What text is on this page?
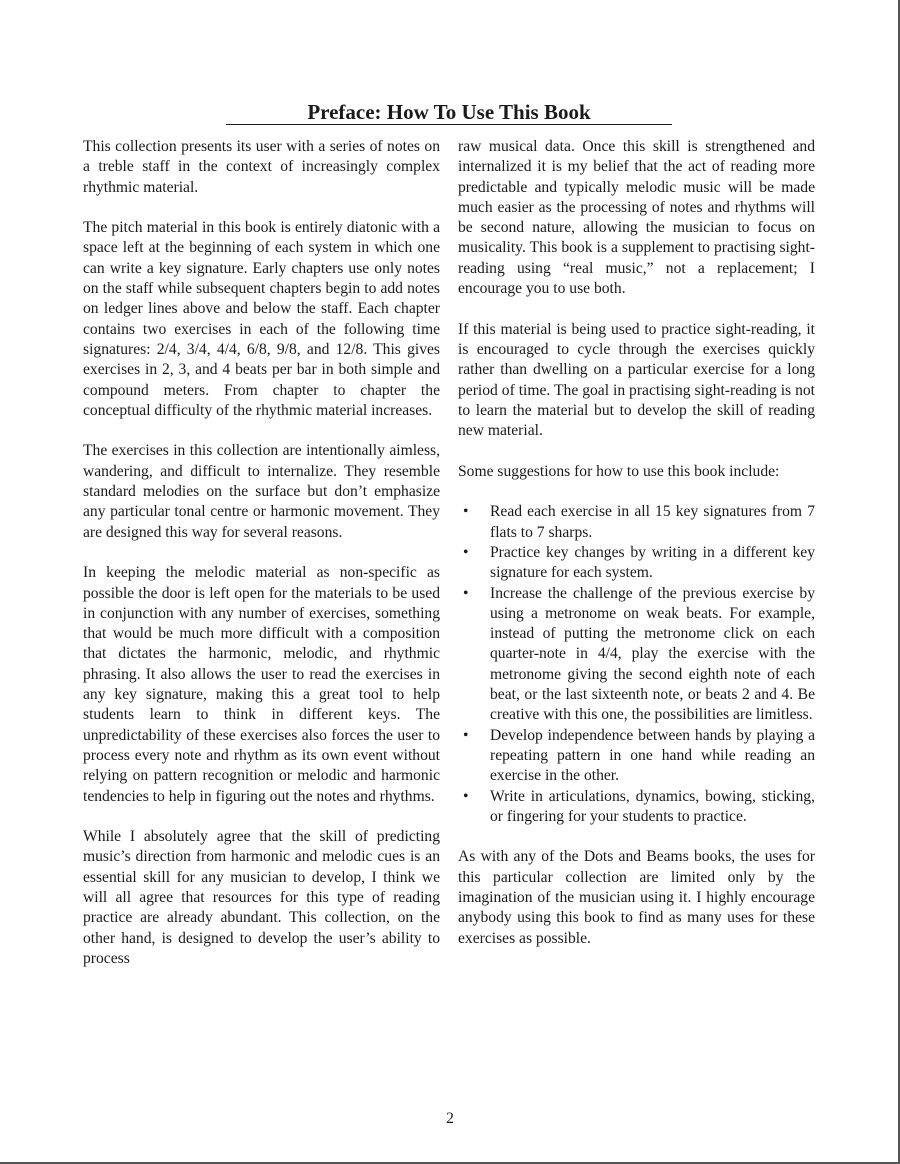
Preface: How To Use This Book

This collection presents its user with a series of notes on a treble staff in the context of increasingly complex rhythmic material.

The pitch material in this book is entirely diatonic with a space left at the beginning of each system in which one can write a key signature. Early chapters use only notes on the staff while subsequent chapters begin to add notes on ledger lines above and below the staff. Each chapter contains two exercises in each of the following time signatures: 2/4, 3/4, 4/4, 6/8, 9/8, and 12/8. This gives exercises in 2, 3, and 4 beats per bar in both simple and compound meters. From chapter to chapter the conceptual difficulty of the rhythmic material increases.

The exercises in this collection are intentionally aimless, wandering, and difficult to internalize. They resemble standard melodies on the surface but don’t emphasize any particular tonal centre or harmonic movement. They are designed this way for several reasons.

In keeping the melodic material as non-specific as possible the door is left open for the materials to be used in conjunction with any number of exercises, something that would be much more difficult with a composition that dictates the harmonic, melodic, and rhythmic phrasing. It also allows the user to read the exercises in any key signature, making this a great tool to help students learn to think in different keys. The unpredictability of these exercises also forces the user to process every note and rhythm as its own event without relying on pattern recognition or melodic and harmonic tendencies to help in figuring out the notes and rhythms.

While I absolutely agree that the skill of predicting music’s direction from harmonic and melodic cues is an essential skill for any musician to develop, I think we will all agree that resources for this type of reading practice are already abundant. This collection, on the other hand, is designed to develop the user’s ability to process

raw musical data. Once this skill is strengthened and internalized it is my belief that the act of reading more predictable and typically melodic music will be made much easier as the processing of notes and rhythms will be second nature, allowing the musician to focus on musicality. This book is a supplement to practising sight-reading using “real music,” not a replacement; I encourage you to use both.

If this material is being used to practice sight-reading, it is encouraged to cycle through the exercises quickly rather than dwelling on a particular exercise for a long period of time. The goal in practising sight-reading is not to learn the material but to develop the skill of reading new material.

Some suggestions for how to use this book include:

• Read each exercise in all 15 key signatures from 7 flats to 7 sharps.
• Practice key changes by writing in a different key signature for each system.
• Increase the challenge of the previous exercise by using a metronome on weak beats. For example, instead of putting the metronome click on each quarter-note in 4/4, play the exercise with the metronome giving the second eighth note of each beat, or the last sixteenth note, or beats 2 and 4. Be creative with this one, the possibilities are limitless.
• Develop independence between hands by playing a repeating pattern in one hand while reading an exercise in the other.
• Write in articulations, dynamics, bowing, sticking, or fingering for your students to practice.

As with any of the Dots and Beams books, the uses for this particular collection are limited only by the imagination of the musician using it. I highly encourage anybody using this book to find as many uses for these exercises as possible.

2
